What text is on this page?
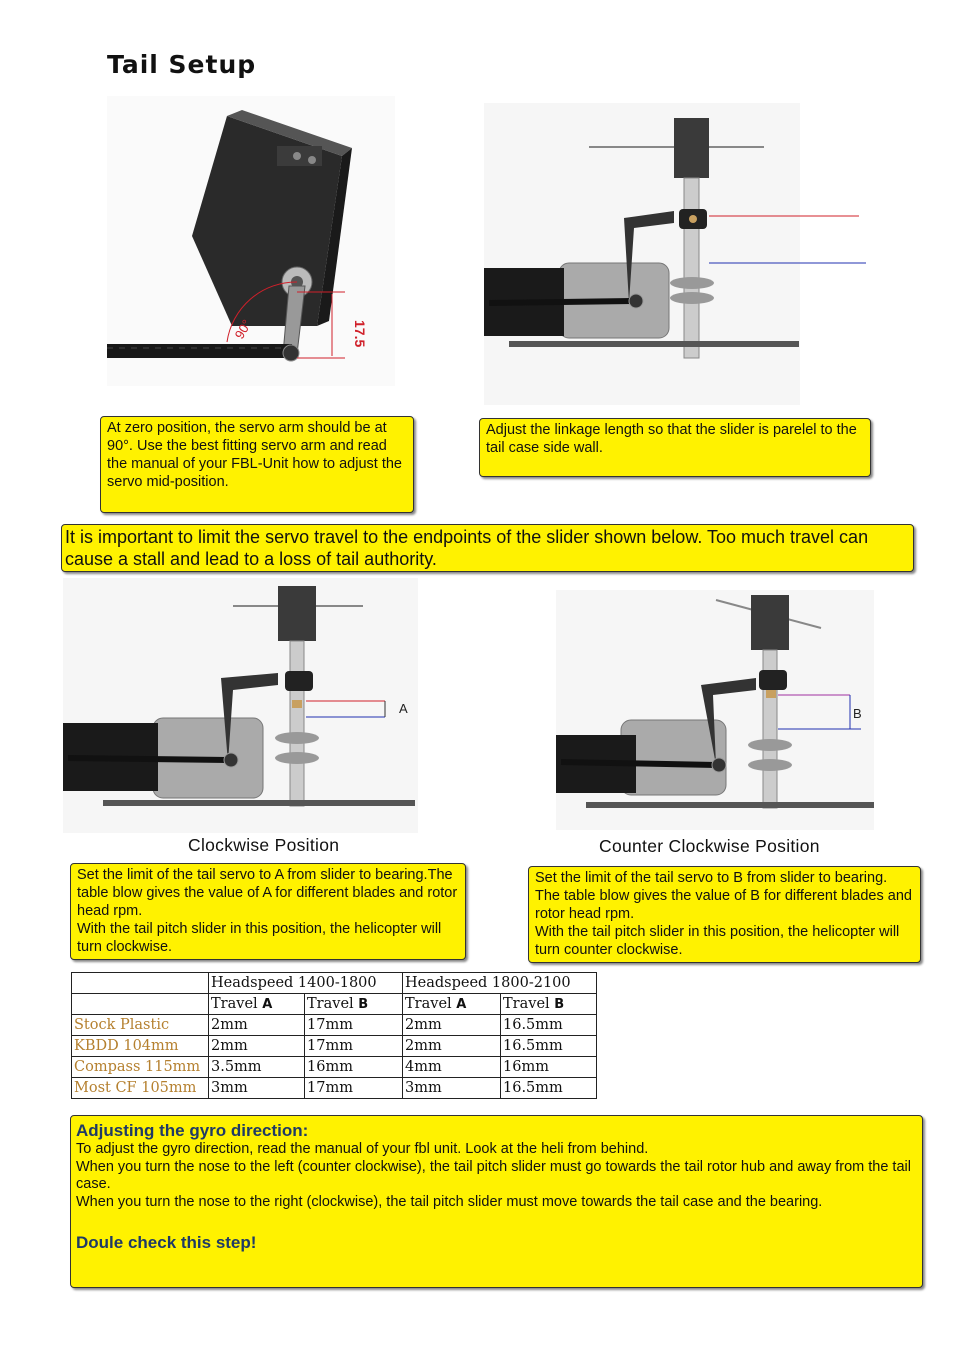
Tail Setup
90°	17.5
At zero position, the servo arm should be at 90°. Use the best fitting servo arm and read the manual of your FBL-Unit how to adjust the servo mid-position.
Adjust the linkage length so that the slider is parelel to the tail case side wall.
It is important to limit the servo travel to the endpoints of the slider shown below. Too much travel can cause a stall and lead to a loss of tail authority.
A	B
Clockwise Position	Counter Clockwise Position
Set the limit of the tail servo to A from slider to bearing.The table blow gives the value of A for different blades and rotor head rpm.
With the tail pitch slider in this position, the helicopter will turn clockwise.
Set the limit of the tail servo to B from slider to bearing. The table blow gives the value of B for different blades and rotor head rpm.
With the tail pitch slider in this position, the helicopter will turn counter clockwise.
	Headspeed 1400-1800		Headspeed 1800-2100	
	Travel A	Travel B	Travel A	Travel B
Stock Plastic	2mm	17mm	2mm	16.5mm
KBDD 104mm	2mm	17mm	2mm	16.5mm
Compass 115mm	3.5mm	16mm	4mm	16mm
Most CF 105mm	3mm	17mm	3mm	16.5mm
Adjusting the gyro direction:

To adjust the gyro direction, read the manual of your fbl unit. Look at the heli from behind.

When you turn the nose to the left (counter clockwise), the tail pitch slider must go towards the tail rotor hub and away from the tail case.

When you turn the nose to the right (clockwise), the tail pitch slider must move towards the tail case and the bearing.

Doule check this step!
